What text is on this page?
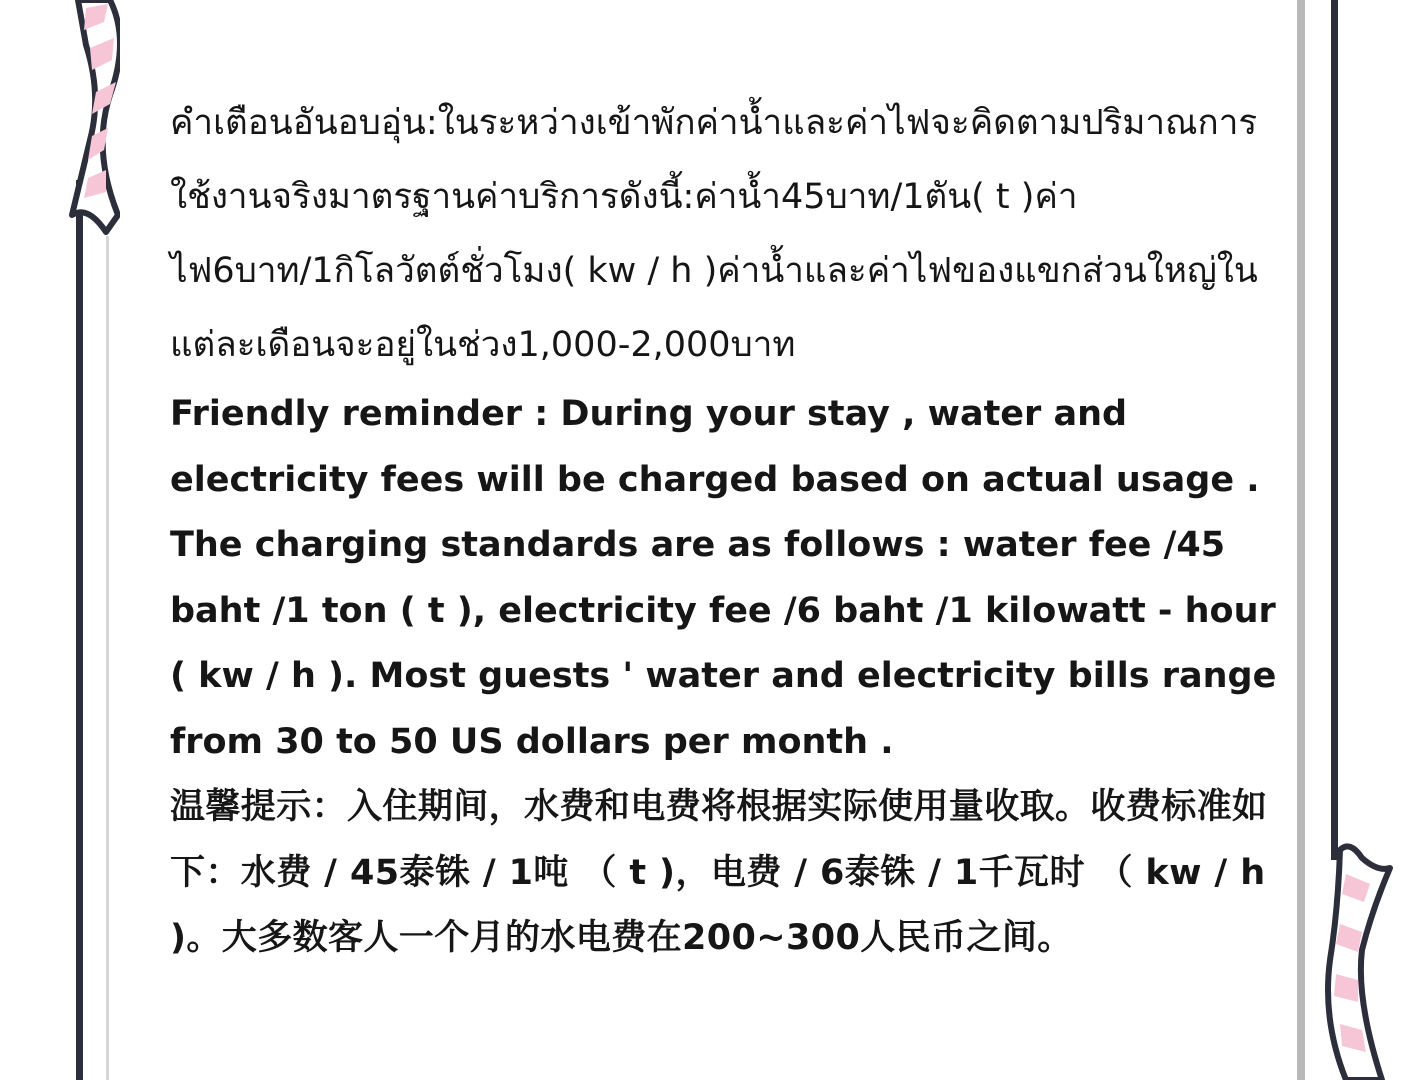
คำเตือนอันอบอุ่น:ในระหว่างเข้าพักค่าน้ำและค่าไฟจะคิดตามปริมาณการใช้งานจริงมาตรฐานค่าบริการดังนี้:ค่าน้ำ45บาท/1ตัน( t )ค่าไฟ6บาท/1กิโลวัตต์ชั่วโมง( kw / h )ค่าน้ำและค่าไฟของแขกส่วนใหญ่ในแต่ละเดือนจะอยู่ในช่วง1,000-2,000บาท

Friendly reminder : During your stay , water and electricity fees will be charged based on actual usage . The charging standards are as follows : water fee /45 baht /1 ton ( t ), electricity fee /6 baht /1 kilowatt - hour ( kw / h ). Most guests ' water and electricity bills range from 30 to 50 US dollars per month .

温馨提示：入住期间，水费和电费将根据实际使用量收取。收费标准如下：水费 / 45泰铢 / 1吨 （ t )，电费 / 6泰铢 / 1千瓦时 （ kw / h )。大多数客人一个月的水电费在200~300人民币之间。
